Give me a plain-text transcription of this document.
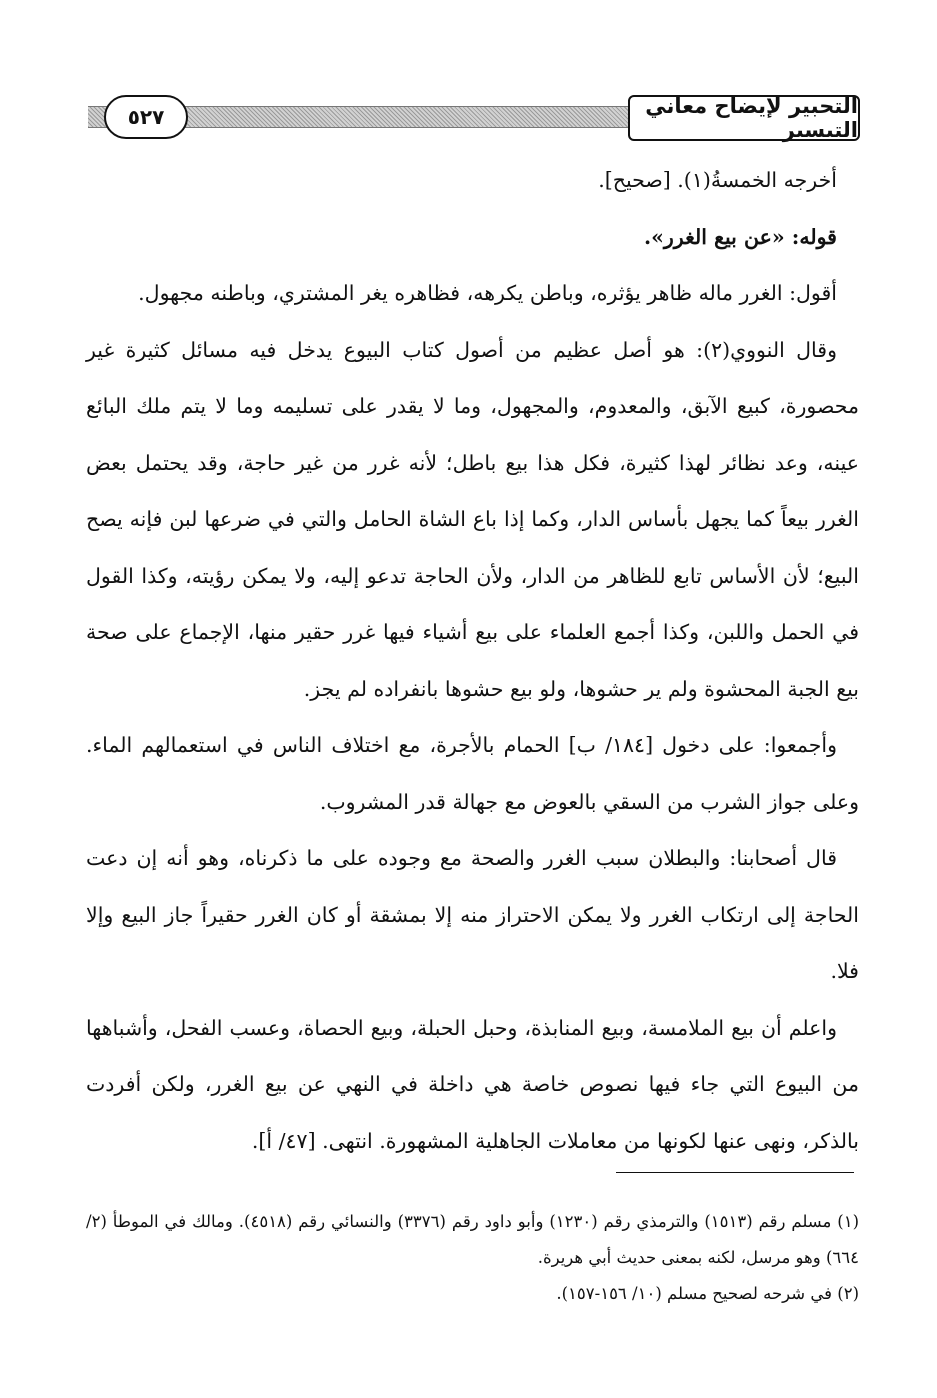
٥٢٧	التحبير لإيضاح معاني التيسير

أخرجه الخمسةُ(١). [صحيح].

قوله: «عن بيع الغرر».

أقول: الغرر ماله ظاهر يؤثره، وباطن يكرهه، فظاهره يغر المشتري، وباطنه مجهول.

وقال النووي(٢): هو أصل عظيم من أصول كتاب البيوع يدخل فيه مسائل كثيرة غير محصورة، كبيع الآبق، والمعدوم، والمجهول، وما لا يقدر على تسليمه وما لا يتم ملك البائع عينه، وعد نظائر لهذا كثيرة، فكل هذا بيع باطل؛ لأنه غرر من غير حاجة، وقد يحتمل بعض الغرر بيعاً كما يجهل بأساس الدار، وكما إذا باع الشاة الحامل والتي في ضرعها لبن فإنه يصح البيع؛ لأن الأساس تابع للظاهر من الدار، ولأن الحاجة تدعو إليه، ولا يمكن رؤيته، وكذا القول في الحمل واللبن، وكذا أجمع العلماء على بيع أشياء فيها غرر حقير منها، الإجماع على صحة بيع الجبة المحشوة ولم ير حشوها، ولو بيع حشوها بانفراده لم يجز.

وأجمعوا: على دخول [١٨٤/ ب] الحمام بالأجرة، مع اختلاف الناس في استعمالهم الماء. وعلى جواز الشرب من السقي بالعوض مع جهالة قدر المشروب.

قال أصحابنا: والبطلان سبب الغرر والصحة مع وجوده على ما ذكرناه، وهو أنه إن دعت الحاجة إلى ارتكاب الغرر ولا يمكن الاحتراز منه إلا بمشقة أو كان الغرر حقيراً جاز البيع وإلا فلا.

واعلم أن بيع الملامسة، وبيع المنابذة، وحبل الحبلة، وبيع الحصاة، وعسب الفحل، وأشباهها من البيوع التي جاء فيها نصوص خاصة هي داخلة في النهي عن بيع الغرر، ولكن أفردت بالذكر، ونهى عنها لكونها من معاملات الجاهلية المشهورة. انتهى. [٤٧/ أ].

(١) مسلم رقم (١٥١٣) والترمذي رقم (١٢٣٠) وأبو داود رقم (٣٣٧٦) والنسائي رقم (٤٥١٨). ومالك في الموطأ (٢/ ٦٦٤) وهو مرسل، لكنه بمعنى حديث أبي هريرة.

(٢) في شرحه لصحيح مسلم (١٠/ ١٥٦-١٥٧).
